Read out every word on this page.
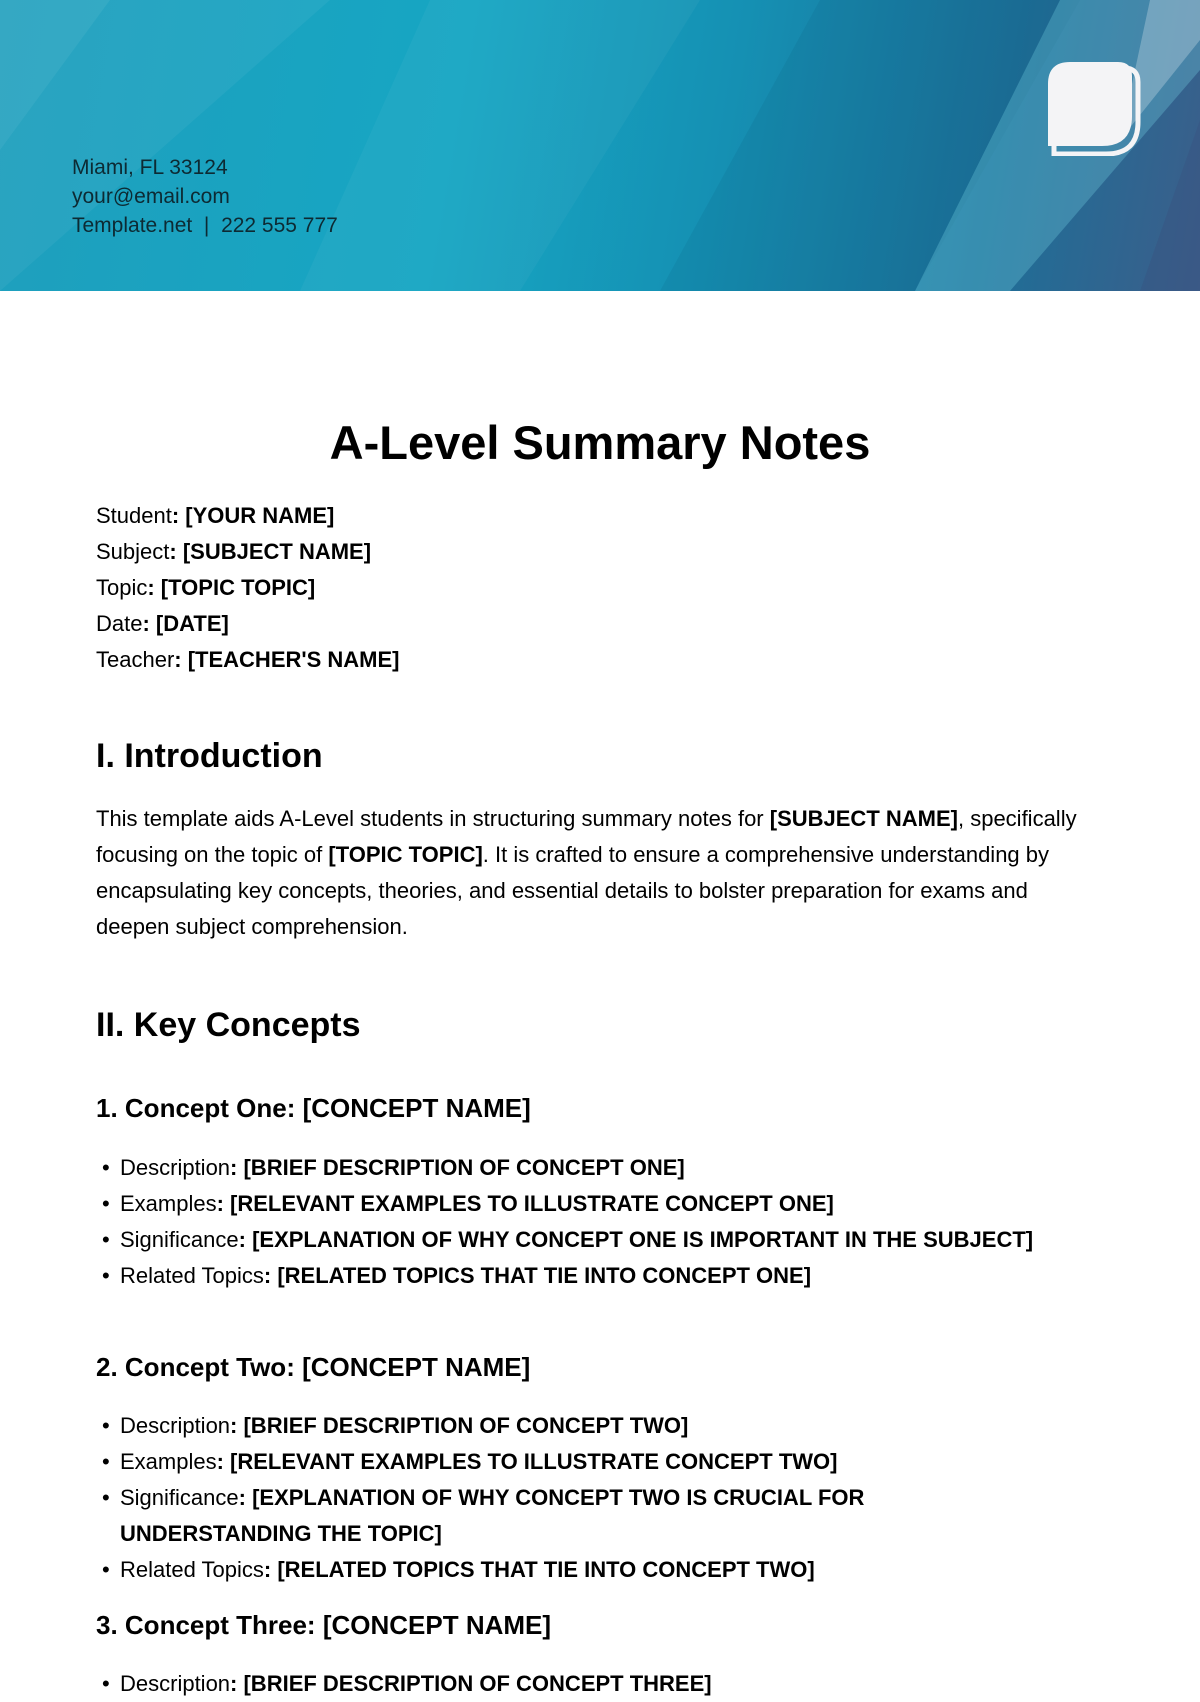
Miami, FL 33124
your@email.com
Template.net | 222 555 777
A-Level Summary Notes
Student: [YOUR NAME]
Subject: [SUBJECT NAME]
Topic: [TOPIC TOPIC]
Date: [DATE]
Teacher: [TEACHER'S NAME]
I. Introduction
This template aids A-Level students in structuring summary notes for [SUBJECT NAME], specifically focusing on the topic of [TOPIC TOPIC]. It is crafted to ensure a comprehensive understanding by encapsulating key concepts, theories, and essential details to bolster preparation for exams and deepen subject comprehension.
II. Key Concepts
1. Concept One: [CONCEPT NAME]
• Description: [BRIEF DESCRIPTION OF CONCEPT ONE]
• Examples: [RELEVANT EXAMPLES TO ILLUSTRATE CONCEPT ONE]
• Significance: [EXPLANATION OF WHY CONCEPT ONE IS IMPORTANT IN THE SUBJECT]
• Related Topics: [RELATED TOPICS THAT TIE INTO CONCEPT ONE]
2. Concept Two: [CONCEPT NAME]
• Description: [BRIEF DESCRIPTION OF CONCEPT TWO]
• Examples: [RELEVANT EXAMPLES TO ILLUSTRATE CONCEPT TWO]
• Significance: [EXPLANATION OF WHY CONCEPT TWO IS CRUCIAL FOR UNDERSTANDING THE TOPIC]
• Related Topics: [RELATED TOPICS THAT TIE INTO CONCEPT TWO]
3. Concept Three: [CONCEPT NAME]
• Description: [BRIEF DESCRIPTION OF CONCEPT THREE]
